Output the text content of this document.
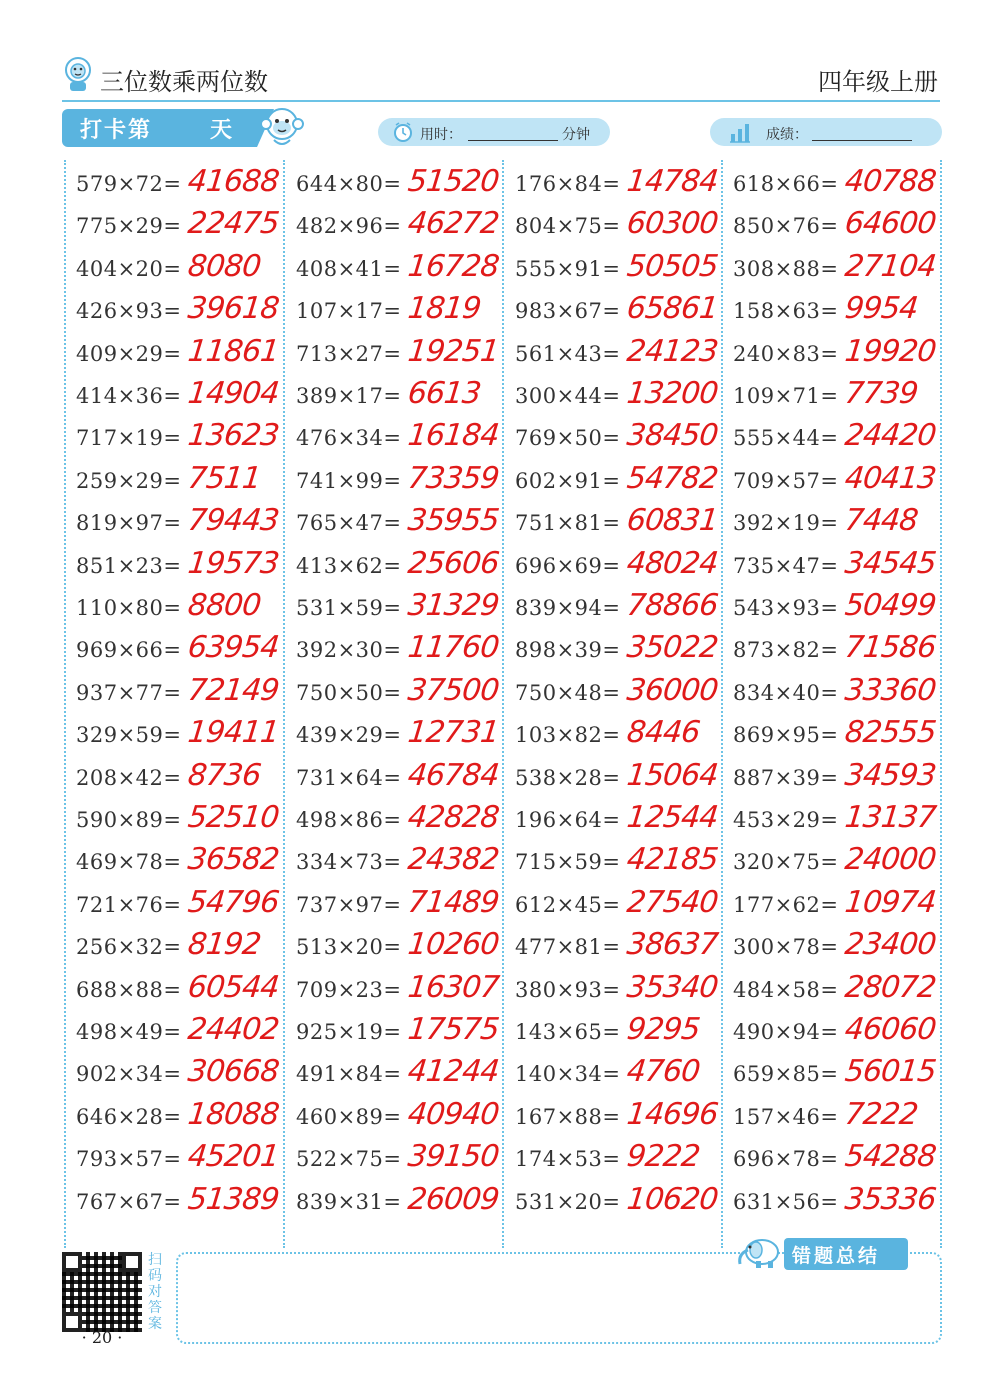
三位数乘两位数	四年级上册
打卡第	天	用时：	分钟	成绩：
579×72= 41688
775×29= 22475
404×20= 8080
426×93= 39618
409×29= 11861
414×36= 14904
717×19= 13623
259×29= 7511
819×97= 79443
851×23= 19573
110×80= 8800
969×66= 63954
937×77= 72149
329×59= 19411
208×42= 8736
590×89= 52510
469×78= 36582
721×76= 54796
256×32= 8192
688×88= 60544
498×49= 24402
902×34= 30668
646×28= 18088
793×57= 45201
767×67= 51389
644×80= 51520
482×96= 46272
408×41= 16728
107×17= 1819
713×27= 19251
389×17= 6613
476×34= 16184
741×99= 73359
765×47= 35955
413×62= 25606
531×59= 31329
392×30= 11760
750×50= 37500
439×29= 12731
731×64= 46784
498×86= 42828
334×73= 24382
737×97= 71489
513×20= 10260
709×23= 16307
925×19= 17575
491×84= 41244
460×89= 40940
522×75= 39150
839×31= 26009
176×84= 14784
804×75= 60300
555×91= 50505
983×67= 65861
561×43= 24123
300×44= 13200
769×50= 38450
602×91= 54782
751×81= 60831
696×69= 48024
839×94= 78866
898×39= 35022
750×48= 36000
103×82= 8446
538×28= 15064
196×64= 12544
715×59= 42185
612×45= 27540
477×81= 38637
380×93= 35340
143×65= 9295
140×34= 4760
167×88= 14696
174×53= 9222
531×20= 10620
618×66= 40788
850×76= 64600
308×88= 27104
158×63= 9954
240×83= 19920
109×71= 7739
555×44= 24420
709×57= 40413
392×19= 7448
735×47= 34545
543×93= 50499
873×82= 71586
834×40= 33360
869×95= 82555
887×39= 34593
453×29= 13137
320×75= 24000
177×62= 10974
300×78= 23400
484×58= 28072
490×94= 46060
659×85= 56015
157×46= 7222
696×78= 54288
631×56= 35336
扫码对答案
· 20 ·
错题总结
